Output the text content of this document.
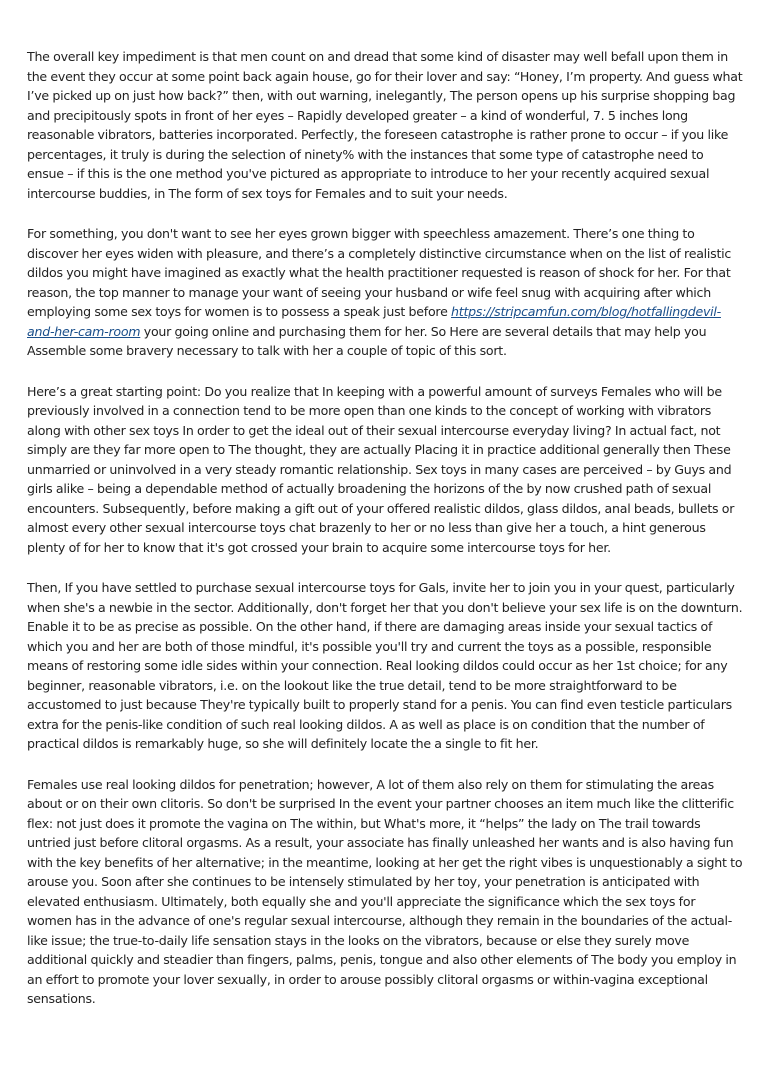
The overall key impediment is that men count on and dread that some kind of disaster may well befall upon them in the event they occur at some point back again house, go for their lover and say: “Honey, I’m property. And guess what I’ve picked up on just how back?” then, with out warning, inelegantly, The person opens up his surprise shopping bag and precipitously spots in front of her eyes – Rapidly developed greater – a kind of wonderful, 7. 5 inches long reasonable vibrators, batteries incorporated. Perfectly, the foreseen catastrophe is rather prone to occur – if you like percentages, it truly is during the selection of ninety% with the instances that some type of catastrophe need to ensue – if this is the one method you've pictured as appropriate to introduce to her your recently acquired sexual intercourse buddies, in The form of sex toys for Females and to suit your needs.

For something, you don't want to see her eyes grown bigger with speechless amazement. There’s one thing to discover her eyes widen with pleasure, and there’s a completely distinctive circumstance when on the list of realistic dildos you might have imagined as exactly what the health practitioner requested is reason of shock for her. For that reason, the top manner to manage your want of seeing your husband or wife feel snug with acquiring after which employing some sex toys for women is to possess a speak just before https://stripcamfun.com/blog/hotfallingdevil-and-her-cam-room your going online and purchasing them for her. So Here are several details that may help you Assemble some bravery necessary to talk with her a couple of topic of this sort.

Here’s a great starting point: Do you realize that In keeping with a powerful amount of surveys Females who will be previously involved in a connection tend to be more open than one kinds to the concept of working with vibrators along with other sex toys In order to get the ideal out of their sexual intercourse everyday living? In actual fact, not simply are they far more open to The thought, they are actually Placing it in practice additional generally then These unmarried or uninvolved in a very steady romantic relationship. Sex toys in many cases are perceived – by Guys and girls alike – being a dependable method of actually broadening the horizons of the by now crushed path of sexual encounters. Subsequently, before making a gift out of your offered realistic dildos, glass dildos, anal beads, bullets or almost every other sexual intercourse toys chat brazenly to her or no less than give her a touch, a hint generous plenty of for her to know that it's got crossed your brain to acquire some intercourse toys for her.

Then, If you have settled to purchase sexual intercourse toys for Gals, invite her to join you in your quest, particularly when she's a newbie in the sector. Additionally, don't forget her that you don't believe your sex life is on the downturn. Enable it to be as precise as possible. On the other hand, if there are damaging areas inside your sexual tactics of which you and her are both of those mindful, it's possible you'll try and current the toys as a possible, responsible means of restoring some idle sides within your connection. Real looking dildos could occur as her 1st choice; for any beginner, reasonable vibrators, i.e. on the lookout like the true detail, tend to be more straightforward to be accustomed to just because They're typically built to properly stand for a penis. You can find even testicle particulars extra for the penis-like condition of such real looking dildos. A as well as place is on condition that the number of practical dildos is remarkably huge, so she will definitely locate the a single to fit her.

Females use real looking dildos for penetration; however, A lot of them also rely on them for stimulating the areas about or on their own clitoris. So don't be surprised In the event your partner chooses an item much like the clitterific flex: not just does it promote the vagina on The within, but What's more, it “helps” the lady on The trail towards untried just before clitoral orgasms. As a result, your associate has finally unleashed her wants and is also having fun with the key benefits of her alternative; in the meantime, looking at her get the right vibes is unquestionably a sight to arouse you. Soon after she continues to be intensely stimulated by her toy, your penetration is anticipated with elevated enthusiasm. Ultimately, both equally she and you'll appreciate the significance which the sex toys for women has in the advance of one's regular sexual intercourse, although they remain in the boundaries of the actual-like issue; the true-to-daily life sensation stays in the looks on the vibrators, because or else they surely move additional quickly and steadier than fingers, palms, penis, tongue and also other elements of The body you employ in an effort to promote your lover sexually, in order to arouse possibly clitoral orgasms or within-vagina exceptional sensations.
